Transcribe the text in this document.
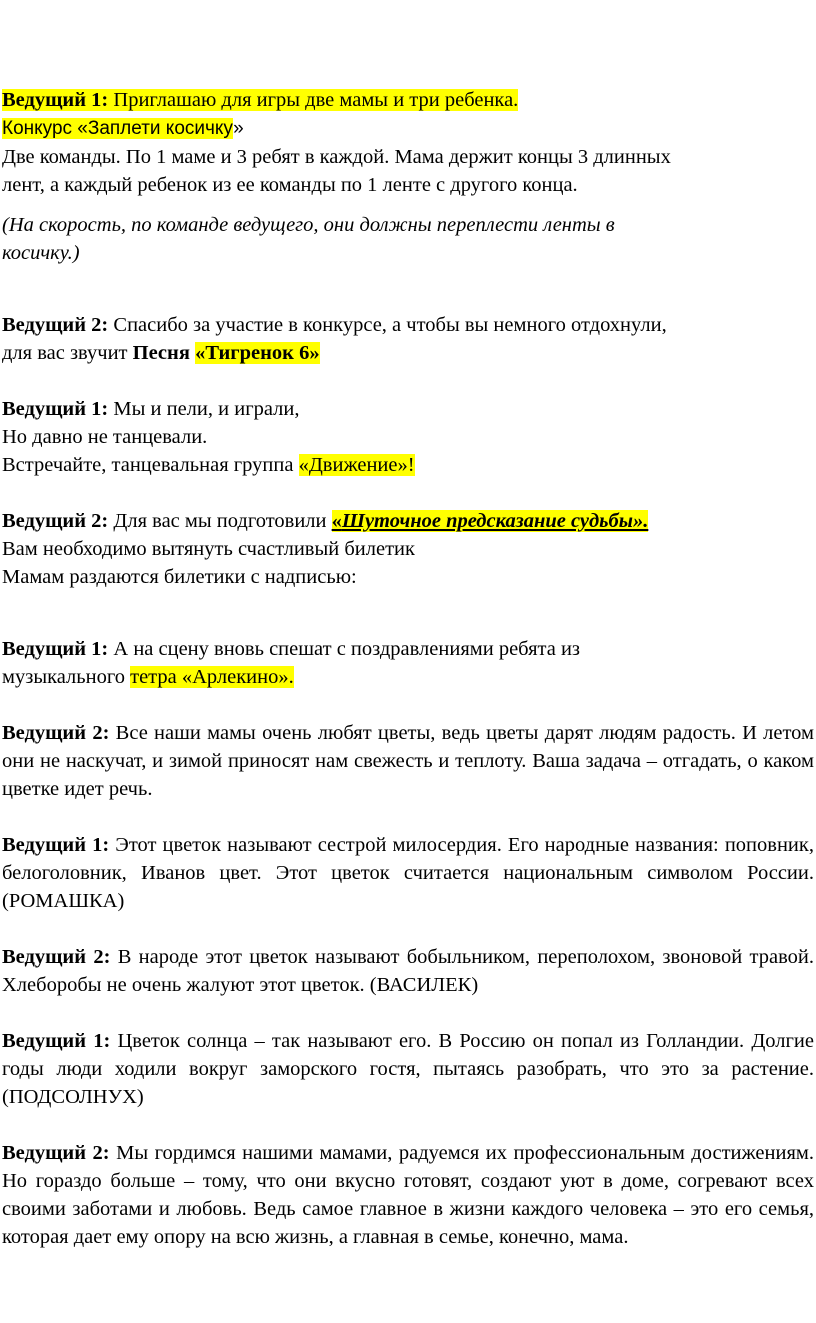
Ведущий 1: Приглашаю для игры две мамы и три ребенка.

Конкурс «Заплети косичку»

Две команды. По 1 маме и 3 ребят в каждой. Мама держит концы 3 длинных
лент, а каждый ребенок из ее команды по 1 ленте с другого конца.

(На скорость, по команде ведущего, они должны переплести ленты в
косичку.)

Ведущий 2: Спасибо за участие в конкурсе, а чтобы вы немного отдохнули,
для вас звучит Песня «Тигренок 6»

Ведущий 1: Мы и пели, и играли,
Но давно не танцевали.
Встречайте, танцевальная группа «Движение»!

Ведущий 2: Для вас мы подготовили «Шуточное предсказание судьбы».
Вам необходимо вытянуть счастливый билетик
Мамам раздаются билетики с надписью:

Ведущий 1: А на сцену вновь спешат с поздравлениями ребята из
музыкального тетра «Арлекино».

Ведущий 2: Все наши мамы очень любят цветы, ведь цветы дарят людям радость. И летом они не наскучат, и зимой приносят нам свежесть и теплоту. Ваша задача – отгадать, о каком цветке идет речь.

Ведущий 1: Этот цветок называют сестрой милосердия. Его народные названия: поповник, белоголовник, Иванов цвет. Этот цветок считается национальным символом России. (РОМАШКА)

Ведущий 2: В народе этот цветок называют бобыльником, переполохом, звоновой травой. Хлеборобы не очень жалуют этот цветок. (ВАСИЛЕК)

Ведущий 1: Цветок солнца – так называют его. В Россию он попал из Голландии. Долгие годы люди ходили вокруг заморского гостя, пытаясь разобрать, что это за растение. (ПОДСОЛНУХ)

Ведущий 2: Мы гордимся нашими мамами, радуемся их профессиональным достижениям. Но гораздо больше – тому, что они вкусно готовят, создают уют в доме, согревают всех своими заботами и любовь. Ведь самое главное в жизни каждого человека – это его семья, которая дает ему опору на всю жизнь, а главная в семье, конечно, мама.
